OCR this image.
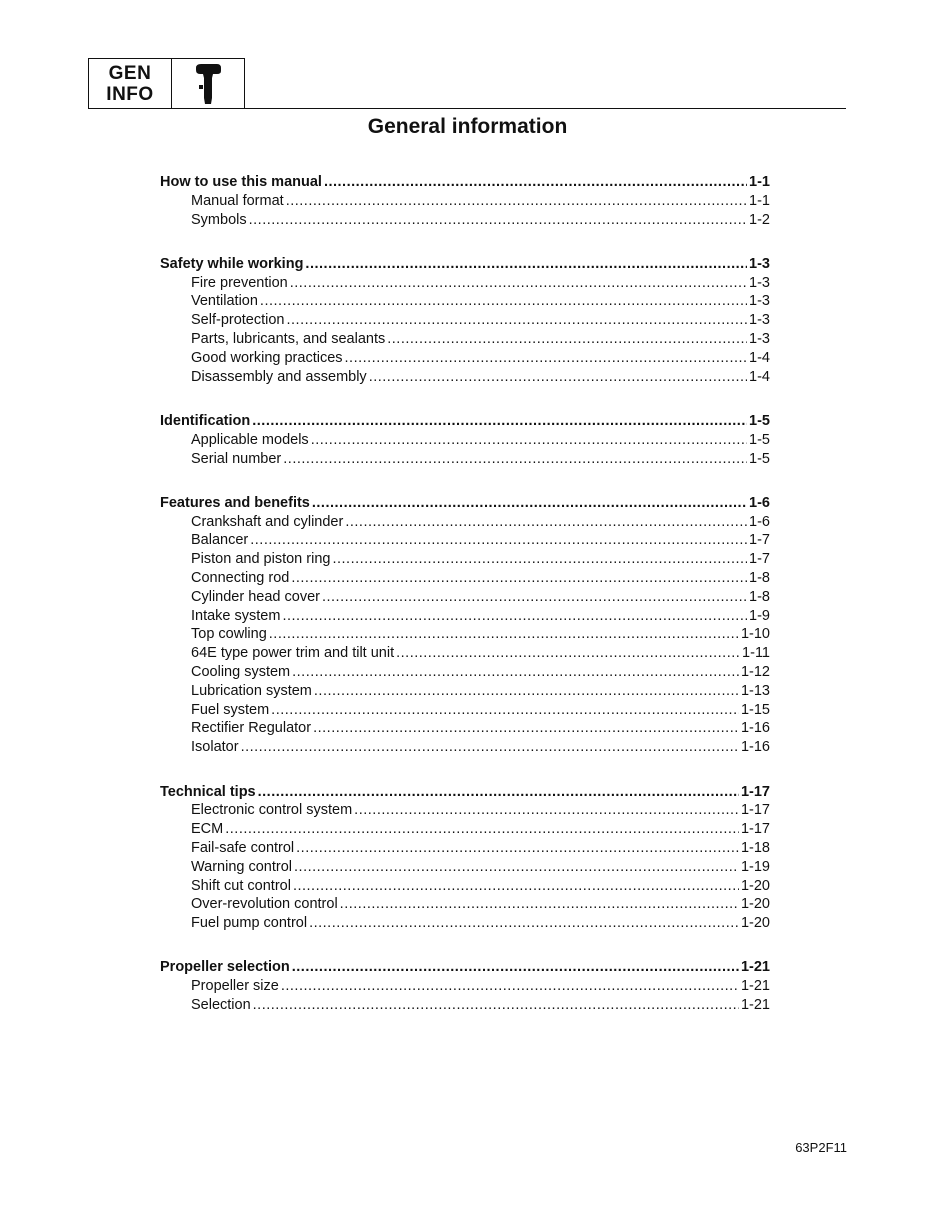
GEN
INFO
General information
How to use this manual .....	1-1
Manual format .....	1-1
Symbols .....	1-2
Safety while working .....	1-3
Fire prevention .....	1-3
Ventilation .....	1-3
Self-protection .....	1-3
Parts, lubricants, and sealants .....	1-3
Good working practices .....	1-4
Disassembly and assembly .....	1-4
Identification .....	1-5
Applicable models .....	1-5
Serial number .....	1-5
Features and benefits .....	1-6
Crankshaft and cylinder .....	1-6
Balancer .....	1-7
Piston and piston ring .....	1-7
Connecting rod .....	1-8
Cylinder head cover .....	1-8
Intake system .....	1-9
Top cowling .....	1-10
64E type power trim and tilt unit .....	1-11
Cooling system .....	1-12
Lubrication system .....	1-13
Fuel system .....	1-15
Rectifier Regulator .....	1-16
Isolator .....	1-16
Technical tips .....	1-17
Electronic control system .....	1-17
ECM .....	1-17
Fail-safe control .....	1-18
Warning control .....	1-19
Shift cut control .....	1-20
Over-revolution control .....	1-20
Fuel pump control .....	1-20
Propeller selection .....	1-21
Propeller size .....	1-21
Selection .....	1-21
63P2F11
